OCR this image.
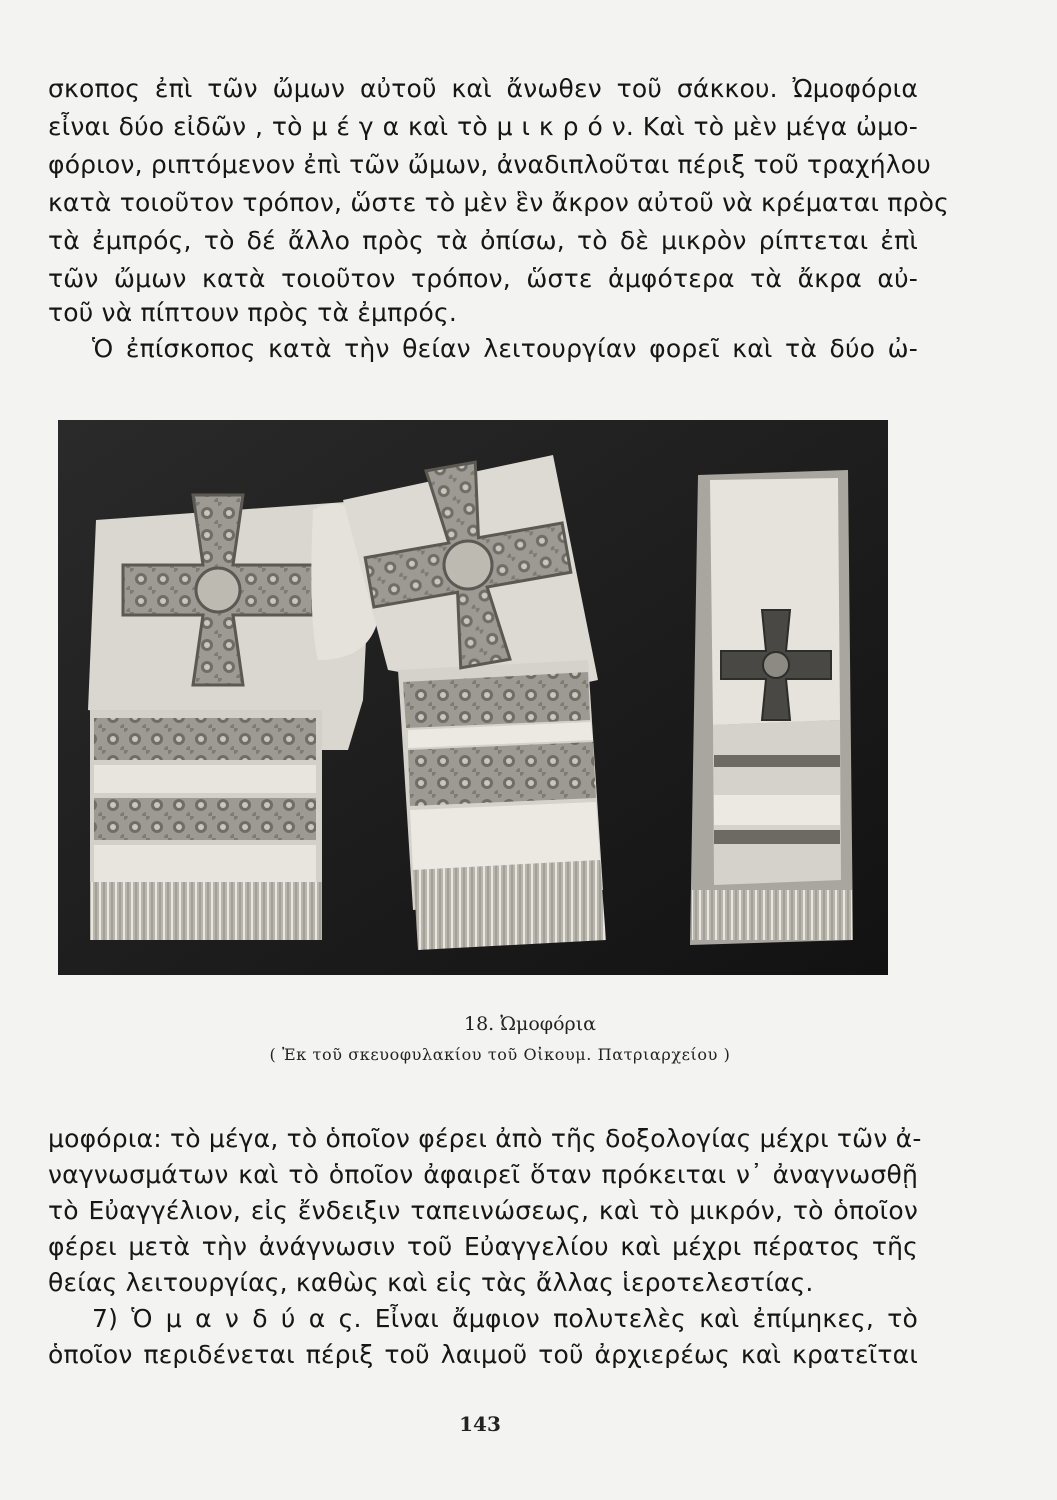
σκοπος ἐπὶ τῶν ὤμων αὐτοῦ καὶ ἄνωθεν τοῦ σάκκου. Ὠμοφόρια
εἶναι δύο εἰδῶν , τὸ μ έ γ α καὶ τὸ μ ι κ ρ ό ν. Καὶ τὸ μὲν μέγα ὠμο-
φόριον, ριπτόμενον ἐπὶ τῶν ὤμων, ἀναδιπλοῦται πέριξ τοῦ τραχήλου
κατὰ τοιοῦτον τρόπον, ὥστε τὸ μὲν ἓν ἄκρον αὐτοῦ νὰ κρέμαται πρὸς
τὰ ἐμπρός, τὸ δέ ἄλλο πρὸς τὰ ὀπίσω, τὸ δὲ μικρὸν ρίπτεται ἐπὶ
τῶν ὤμων κατὰ τοιοῦτον τρόπον, ὥστε ἀμφότερα τὰ ἄκρα αὐ-
τοῦ νὰ πίπτουν πρὸς τὰ ἐμπρός.
Ὁ ἐπίσκοπος κατὰ τὴν θείαν λειτουργίαν φορεῖ καὶ τὰ δύο ὠ-
18. Ὠμοφόρια
( Ἐκ τοῦ σκευοφυλακίου τοῦ Οἰκουμ. Πατριαρχείου )
μοφόρια: τὸ μέγα, τὸ ὁποῖον φέρει ἀπὸ τῆς δοξολογίας μέχρι τῶν ἀ-
ναγνωσμάτων καὶ τὸ ὁποῖον ἀφαιρεῖ ὅταν πρόκειται ν᾽ ἀναγνωσθῇ
τὸ Εὐαγγέλιον, εἰς ἔνδειξιν ταπεινώσεως, καὶ τὸ μικρόν, τὸ ὁποῖον
φέρει μετὰ τὴν ἀνάγνωσιν τοῦ Εὐαγγελίου καὶ μέχρι πέρατος τῆς
θείας λειτουργίας, καθὼς καὶ εἰς τὰς ἄλλας ἱεροτελεστίας.
7) Ὁ μ α ν δ ύ α ς. Εἶναι ἄμφιον πολυτελὲς καὶ ἐπίμηκες, τὸ
ὁποῖον περιδένεται πέριξ τοῦ λαιμοῦ τοῦ ἀρχιερέως καὶ κρατεῖται
143
